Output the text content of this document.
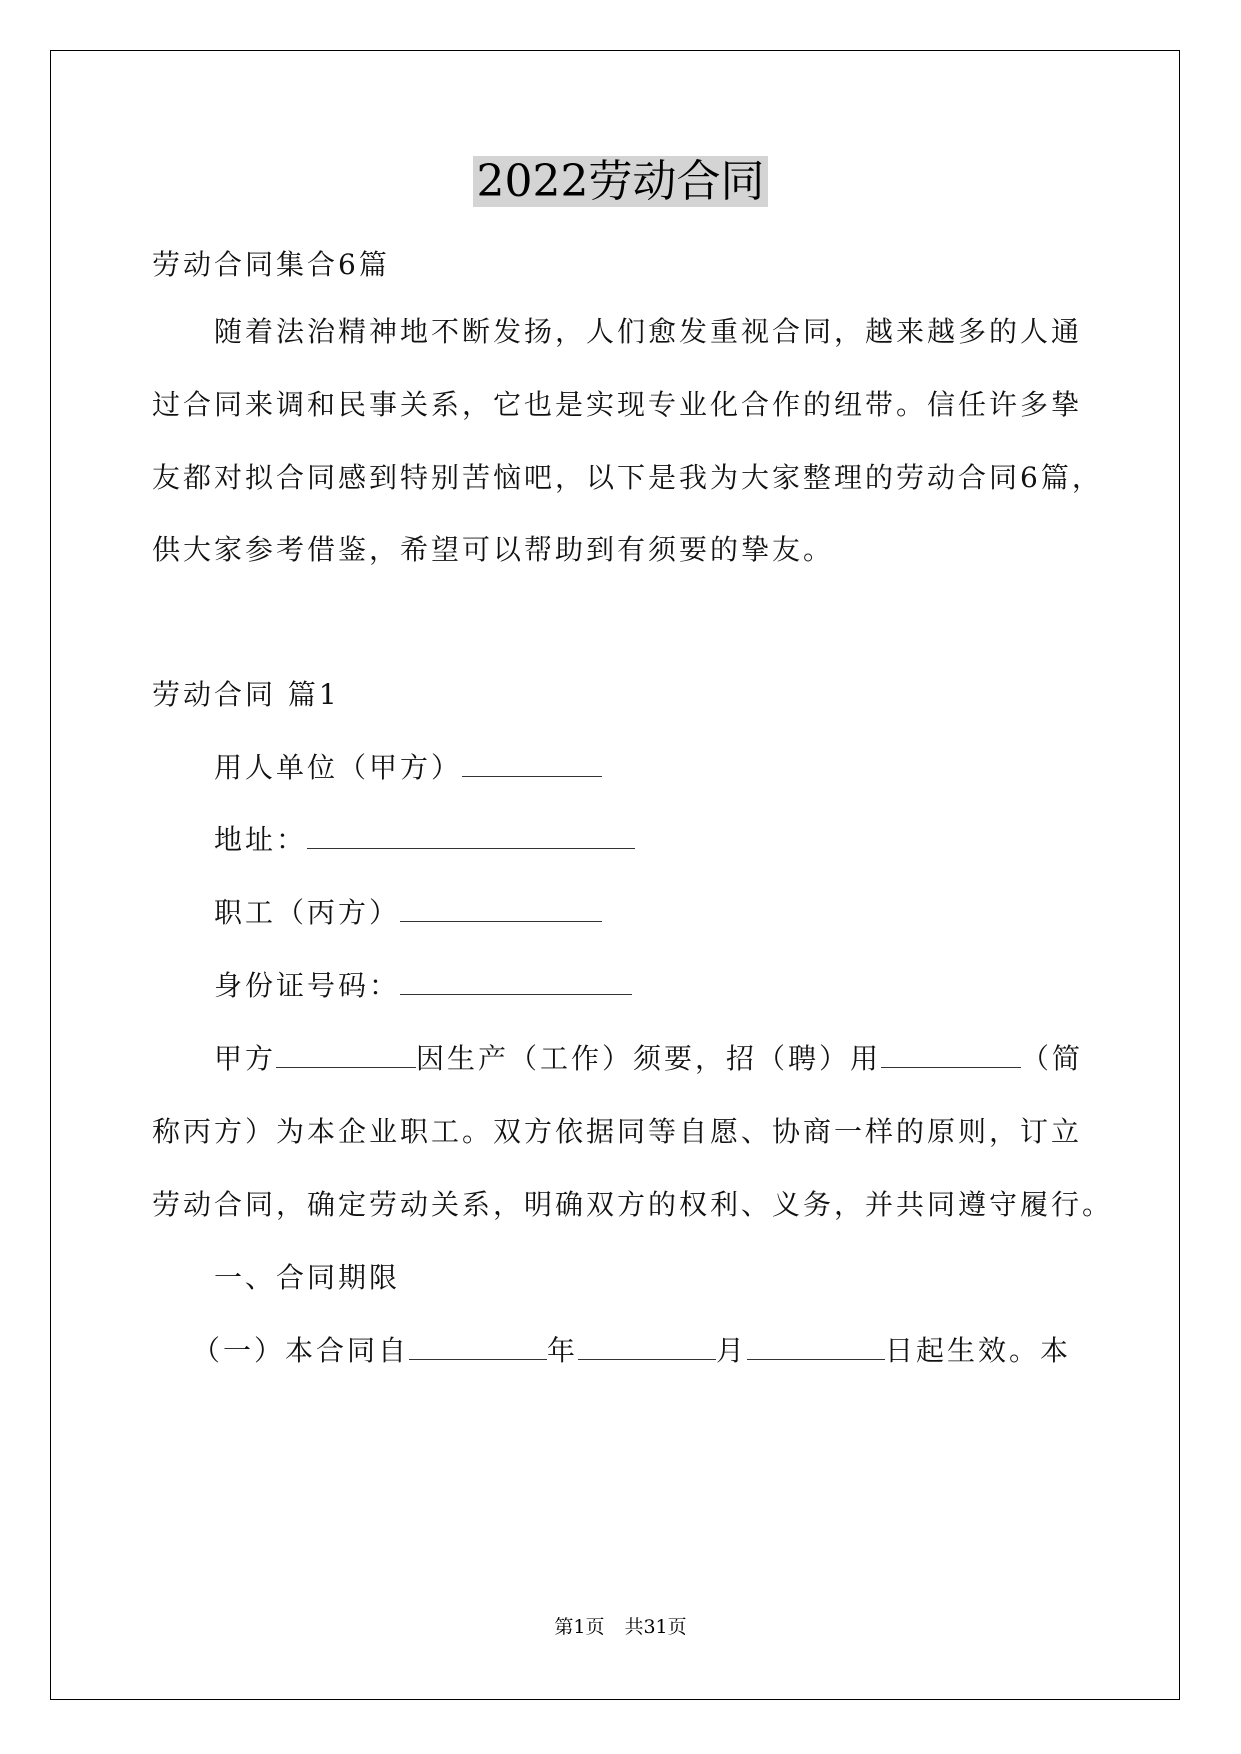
2022劳动合同
劳动合同集合6篇
随着法治精神地不断发扬，人们愈发重视合同，越来越多的人通
过合同来调和民事关系，它也是实现专业化合作的纽带。信任许多挚
友都对拟合同感到特别苦恼吧，以下是我为大家整理的劳动合同6篇，
供大家参考借鉴，希望可以帮助到有须要的挚友。
劳动合同 篇1
用人单位（甲方）
地址：
职工（丙方）
身份证号码：
甲方	因生产（工作）须要，招（聘）用	（简
称丙方）为本企业职工。双方依据同等自愿、协商一样的原则，订立
劳动合同，确定劳动关系，明确双方的权利、义务，并共同遵守履行。
一、合同期限
（一）本合同自	年	月	日起生效。本
第1页 共31页
